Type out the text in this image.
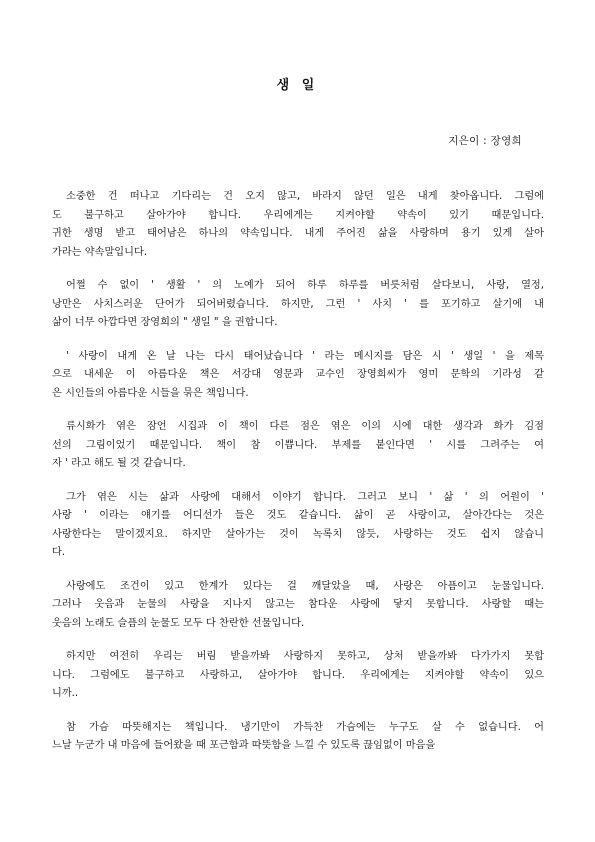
생 일
지은이 : 장영희
소중한 건 떠나고 기다리는 건 오지 않고, 바라지 않던 일은 내게 찾아옵니다. 그럼에
도 불구하고 살아가야 합니다. 우리에게는 지켜야할 약속이 있기 때문입니다.
귀한 생명 받고 태어남은 하나의 약속입니다. 내게 주어진 삶을 사랑하며 용기 있게 살아
가라는 약속말입니다.
어쩔 수 없이 ' 생활 ' 의 노예가 되어 하루 하루를 버릇처럼 살다보니, 사랑, 열정,
낭만은 사치스러운 단어가 되어버렸습니다. 하지만, 그런 ' 사치 ' 를 포기하고 살기에 내
삶이 너무 아깝다면 장영희의 " 생일 " 을 권합니다.
' 사랑이 내게 온 날 나는 다시 태어났습니다 ' 라는 메시지를 담은 시 ' 생일 ' 을 제목
으로 내세운 이 아름다운 책은 서강대 영문과 교수인 장영희씨가 영미 문학의 기라성 같
은 시인들의 아름다운 시들을 묶은 책입니다.
류시화가 엮은 잠언 시집과 이 책이 다른 점은 엮은 이의 시에 대한 생각과 화가 김점
선의 그림이었기 때문입니다. 책이 참 이쁩니다. 부제를 붙인다면 ' 시를 그려주는 여
자 ' 라고 해도 될 것 같습니다.
그가 엮은 시는 삶과 사랑에 대해서 이야기 합니다. 그러고 보니 ' 삶 ' 의 어원이 '
사랑 ' 이라는 얘기를 어디선가 들은 것도 같습니다. 삶이 곧 사랑이고, 살아간다는 것은
사랑한다는 말이겠지요. 하지만 살아가는 것이 녹록치 않듯, 사랑하는 것도 쉽지 않습니
다.
사랑에도 조건이 있고 한계가 있다는 걸 깨달았을 때, 사랑은 아픔이고 눈물입니다.
그러나 웃음과 눈물의 사랑을 지나지 않고는 참다운 사랑에 닿지 못합니다. 사랑할 때는
웃음의 노래도 슬픔의 눈물도 모두 다 찬란한 선물입니다.
하지만 여전히 우리는 버림 받을까봐 사랑하지 못하고, 상처 받을까봐 다가가지 못합
니다. 그럼에도 불구하고 사랑하고, 살아가야 합니다. 우리에게는 지켜야할 약속이 있으
니까..
참 가슴 따뜻해지는 책입니다. 냉기만이 가득찬 가슴에는 누구도 살 수 없습니다. 어
느날 누군가 내 마음에 들어왔을 때 포근함과 따뜻함을 느낄 수 있도록 끊임없이 마음을
